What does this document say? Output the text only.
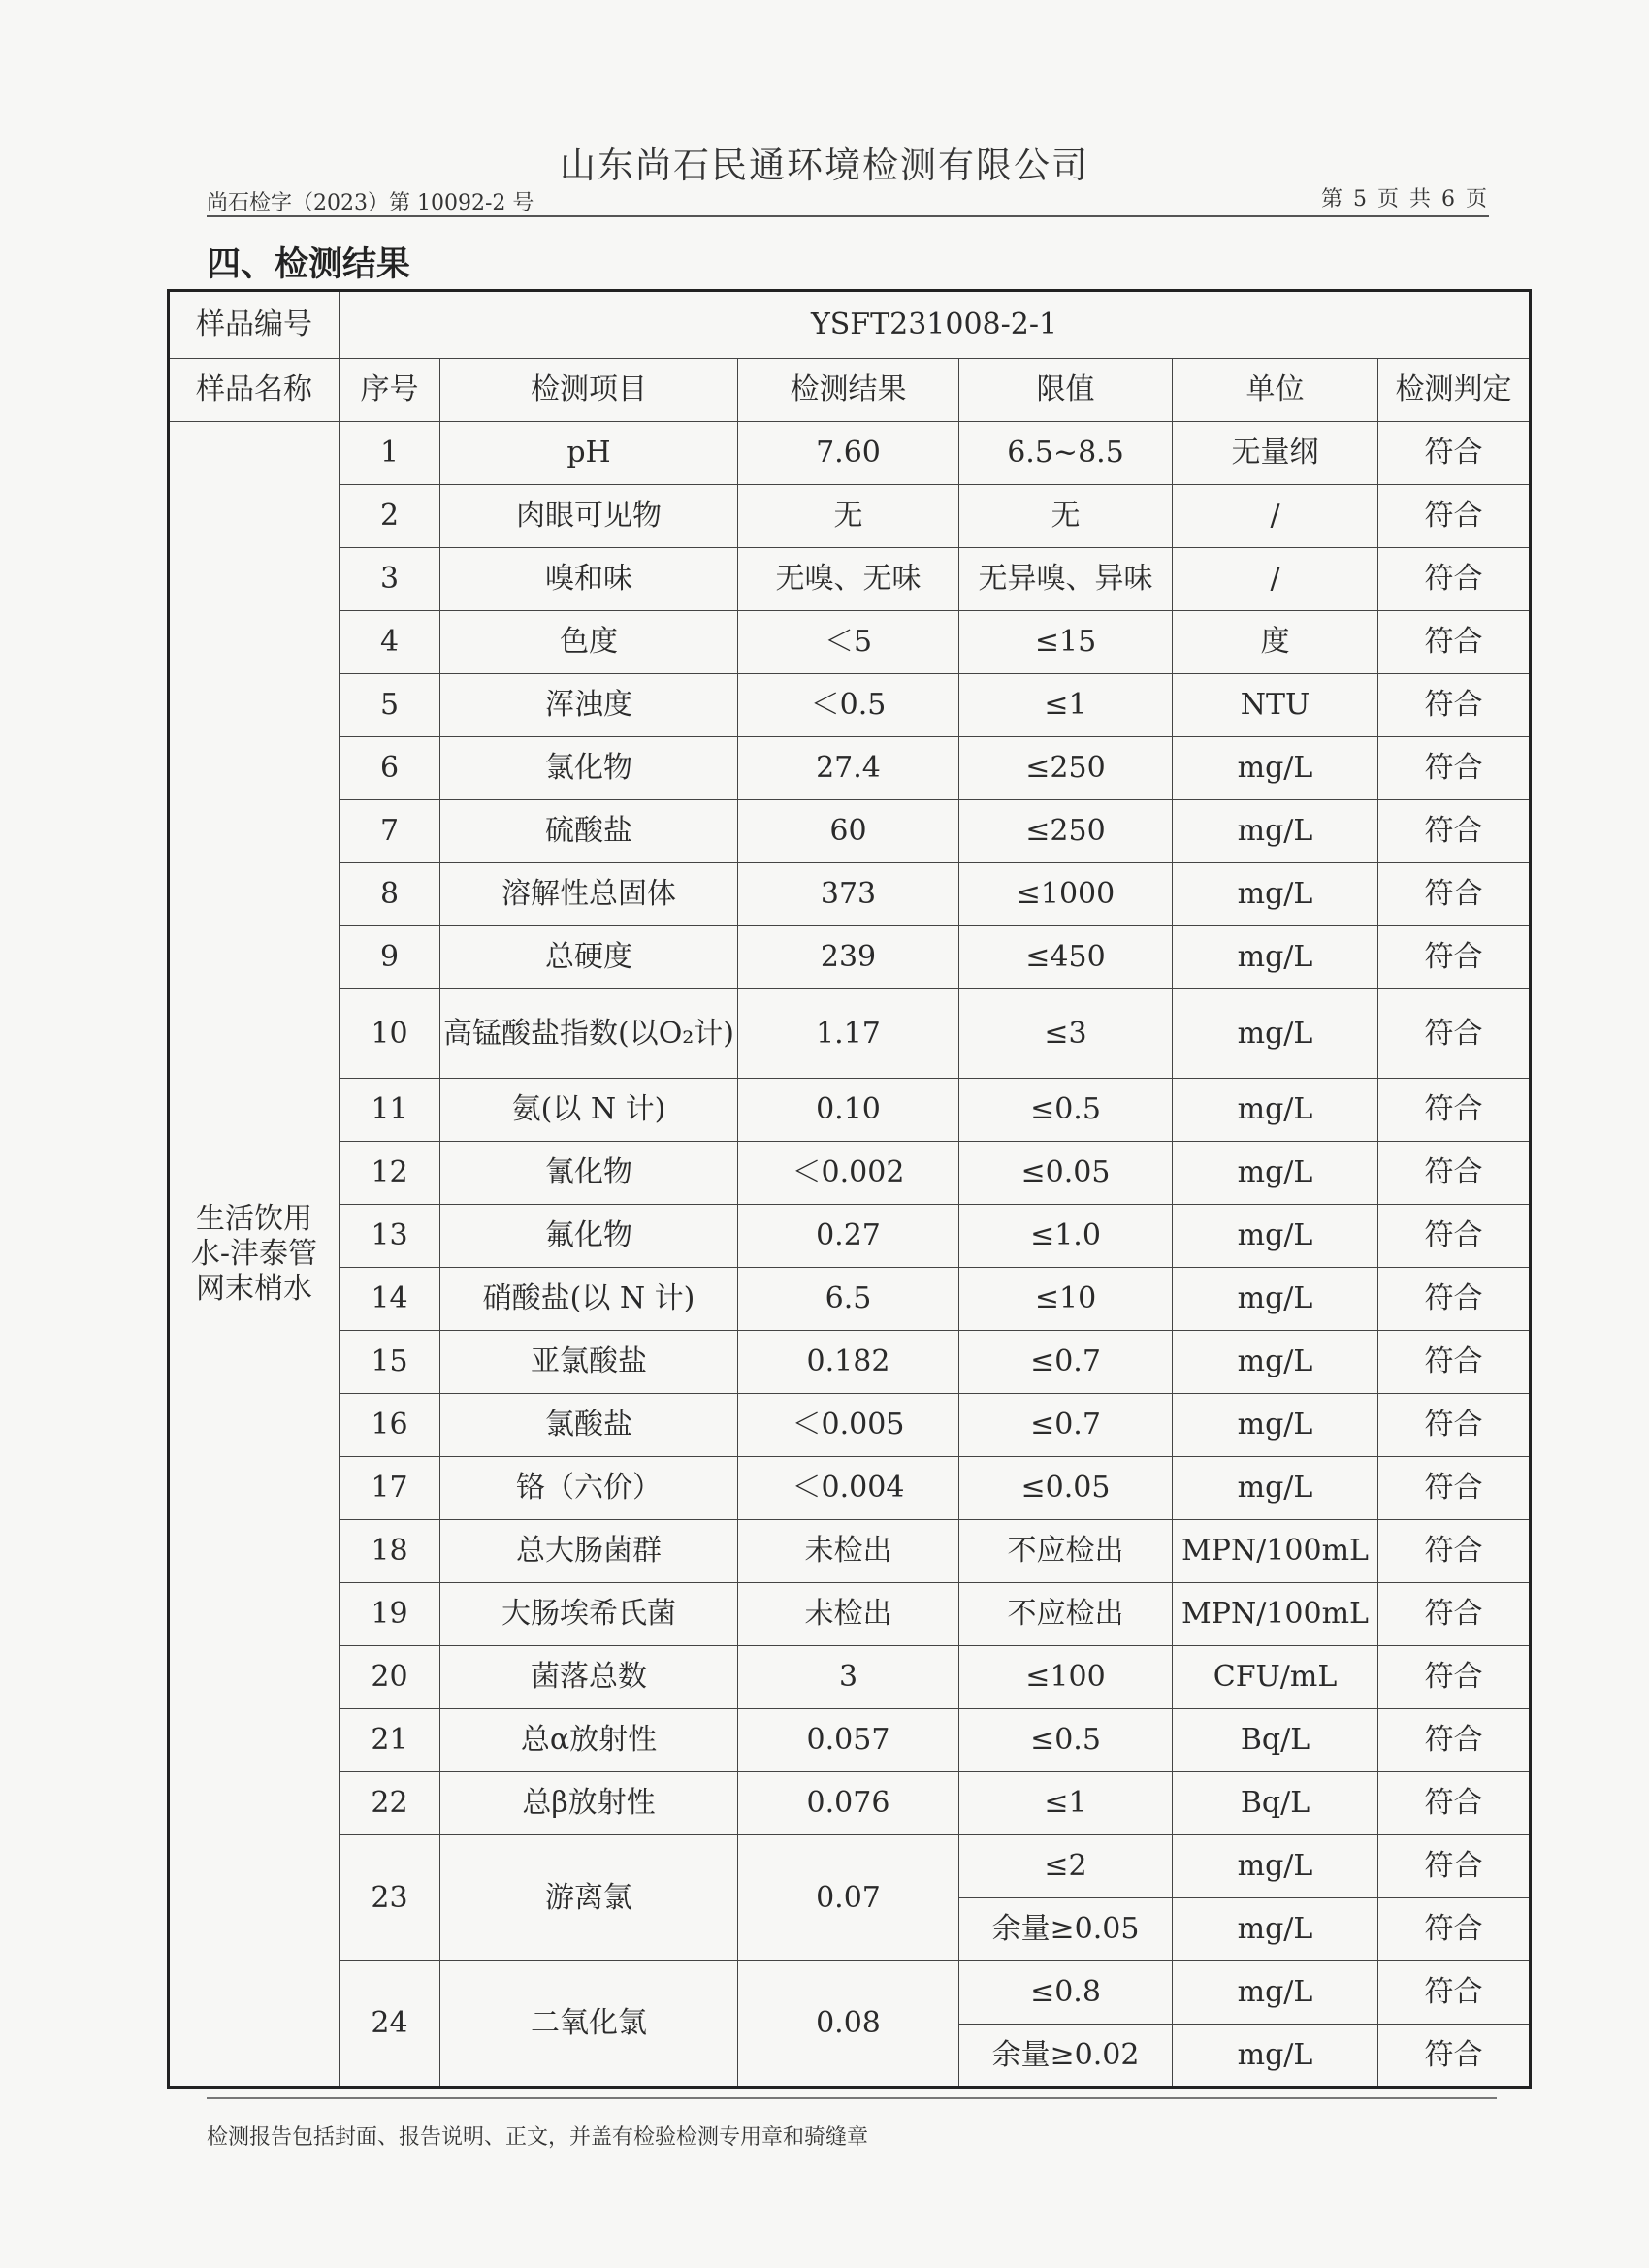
山东尚石民通环境检测有限公司
尚石检字（2023）第 10092-2 号	第 5 页 共 6 页
四、检测结果
样品编号	YSFT231008-2-1					
样品名称	序号	检测项目	检测结果	限值	单位	检测判定

生活饮用水-沣泰管网末梢水	1	pH	7.60	6.5~8.5	无量纲	符合
	2	肉眼可见物	无	无	/	符合
	3	嗅和味	无嗅、无味	无异嗅、异味	/	符合
	4	色度	＜5	≤15	度	符合
	5	浑浊度	＜0.5	≤1	NTU	符合
	6	氯化物	27.4	≤250	mg/L	符合
	7	硫酸盐	60	≤250	mg/L	符合
	8	溶解性总固体	373	≤1000	mg/L	符合
	9	总硬度	239	≤450	mg/L	符合
	10	高锰酸盐指数(以O₂计)	1.17	≤3	mg/L	符合
	11	氨(以 N 计)	0.10	≤0.5	mg/L	符合
	12	氰化物	＜0.002	≤0.05	mg/L	符合
	13	氟化物	0.27	≤1.0	mg/L	符合
	14	硝酸盐(以 N 计)	6.5	≤10	mg/L	符合
	15	亚氯酸盐	0.182	≤0.7	mg/L	符合
	16	氯酸盐	＜0.005	≤0.7	mg/L	符合
	17	铬（六价）	＜0.004	≤0.05	mg/L	符合
	18	总大肠菌群	未检出	不应检出	MPN/100mL	符合
	19	大肠埃希氏菌	未检出	不应检出	MPN/100mL	符合
	20	菌落总数	3	≤100	CFU/mL	符合
	21	总α放射性	0.057	≤0.5	Bq/L	符合
	22	总β放射性	0.076	≤1	Bq/L	符合
	23	游离氯	0.07	≤2	mg/L	符合
				余量≥0.05	mg/L	符合
	24	二氧化氯	0.08	≤0.8	mg/L	符合
				余量≥0.02	mg/L	符合
检测报告包括封面、报告说明、正文，并盖有检验检测专用章和骑缝章
